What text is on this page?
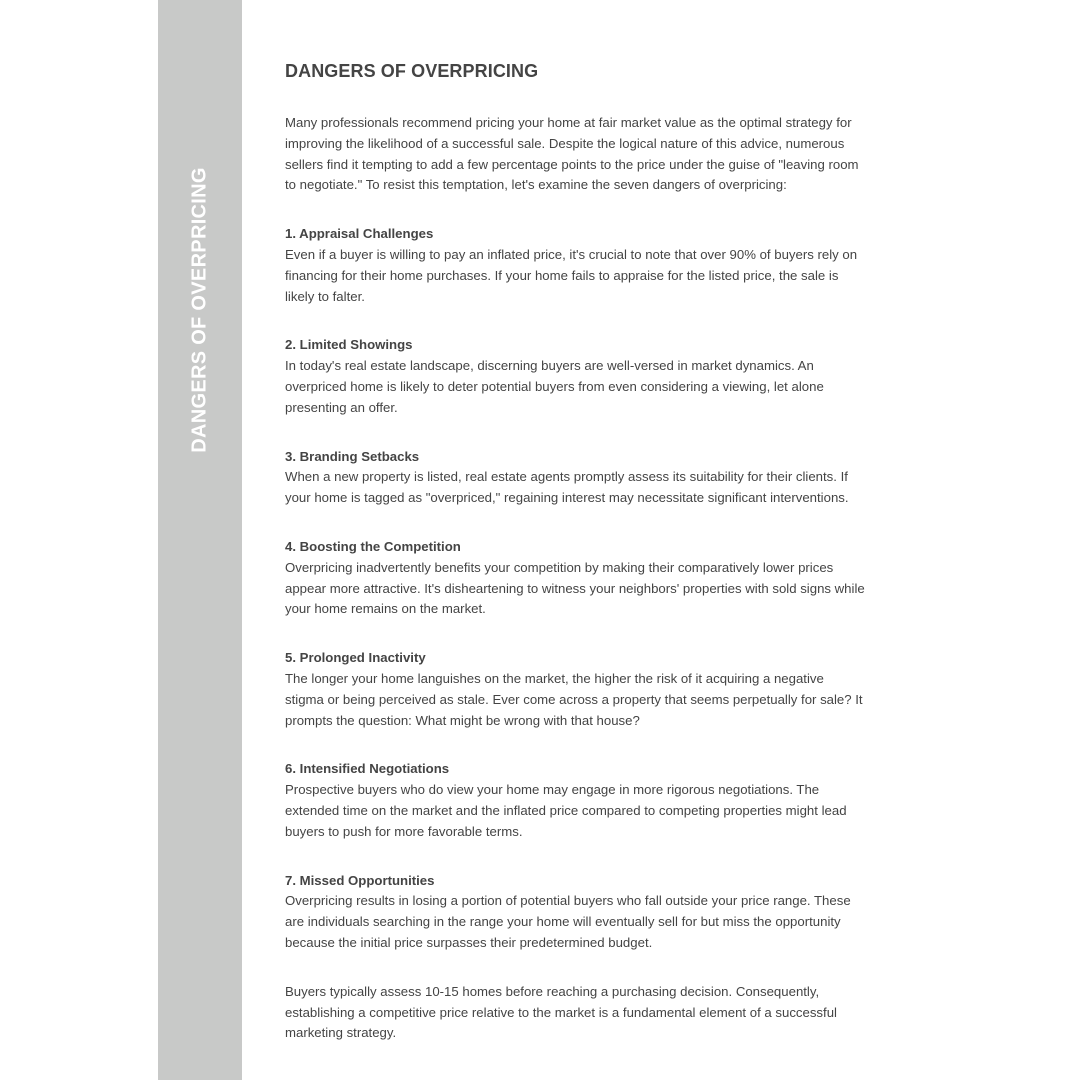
DANGERS OF OVERPRICING
DANGERS OF OVERPRICING

Many professionals recommend pricing your home at fair market value as the optimal strategy for improving the likelihood of a successful sale. Despite the logical nature of this advice, numerous sellers find it tempting to add a few percentage points to the price under the guise of "leaving room to negotiate." To resist this temptation, let's examine the seven dangers of overpricing:

1. Appraisal Challenges

Even if a buyer is willing to pay an inflated price, it's crucial to note that over 90% of buyers rely on financing for their home purchases. If your home fails to appraise for the listed price, the sale is likely to falter.

2. Limited Showings

In today's real estate landscape, discerning buyers are well-versed in market dynamics. An overpriced home is likely to deter potential buyers from even considering a viewing, let alone presenting an offer.

3. Branding Setbacks

When a new property is listed, real estate agents promptly assess its suitability for their clients. If your home is tagged as "overpriced," regaining interest may necessitate significant interventions.

4. Boosting the Competition

Overpricing inadvertently benefits your competition by making their comparatively lower prices appear more attractive. It's disheartening to witness your neighbors' properties with sold signs while your home remains on the market.

5. Prolonged Inactivity

The longer your home languishes on the market, the higher the risk of it acquiring a negative stigma or being perceived as stale. Ever come across a property that seems perpetually for sale? It prompts the question: What might be wrong with that house?

6. Intensified Negotiations

Prospective buyers who do view your home may engage in more rigorous negotiations. The extended time on the market and the inflated price compared to competing properties might lead buyers to push for more favorable terms.

7. Missed Opportunities

Overpricing results in losing a portion of potential buyers who fall outside your price range. These are individuals searching in the range your home will eventually sell for but miss the opportunity because the initial price surpasses their predetermined budget.

Buyers typically assess 10-15 homes before reaching a purchasing decision. Consequently, establishing a competitive price relative to the market is a fundamental element of a successful marketing strategy.
